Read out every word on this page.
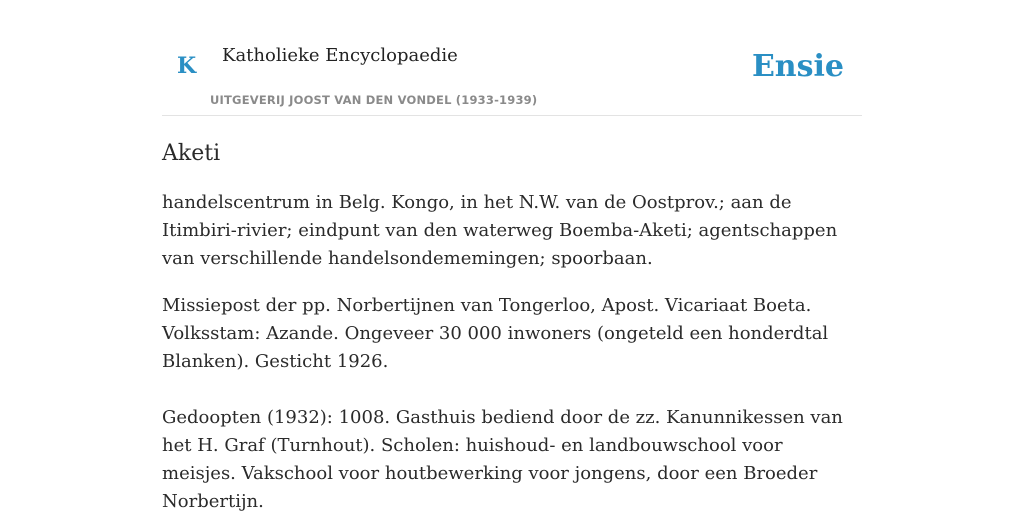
K Katholieke Encyclopaedie
UITGEVERIJ JOOST VAN DEN VONDEL (1933-1939)
Ensie
Aketi

handelscentrum in Belg. Kongo, in het N.W. van de Oostprov.; aan de Itimbiri-rivier; eindpunt van den waterweg Boemba-Aketi; agentschappen van verschillende handelsondememingen; spoorbaan.

Missiepost der pp. Norbertijnen van Tongerloo, Apost. Vicariaat Boeta. Volksstam: Azande. Ongeveer 30 000 inwoners (ongeteld een honderdtal Blanken). Gesticht 1926.

Gedoopten (1932): 1008. Gasthuis bediend door de zz. Kanunnikessen van het H. Graf (Turnhout). Scholen: huishoud- en landbouwschool voor meisjes. Vakschool voor houtbewerking voor jongens, door een Broeder Norbertijn.
